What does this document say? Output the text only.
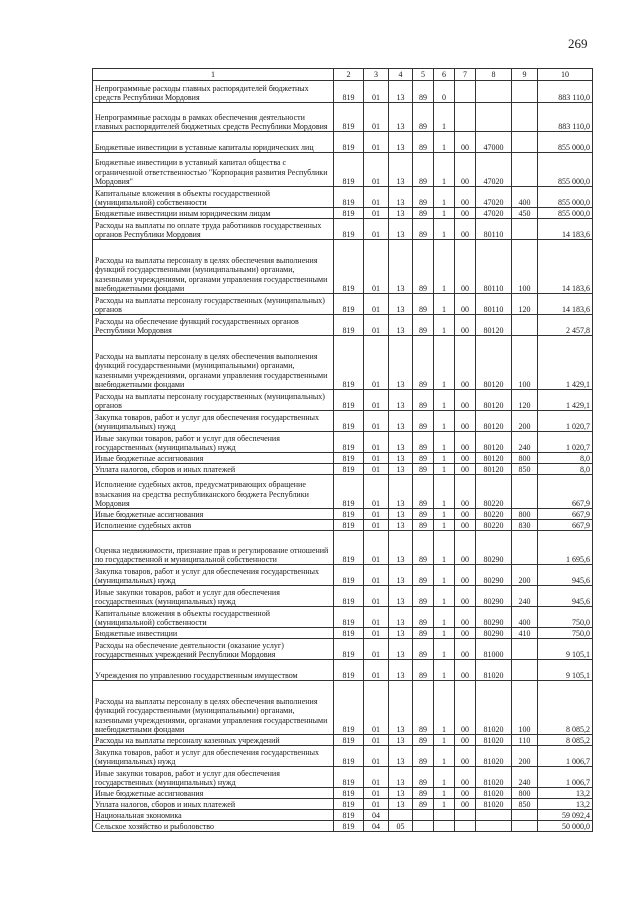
269
1	2	3	4	5	6	7	8	9	10
Непрограммные расходы главных распорядителей бюджетных средств Республики Мордовия	819	01	13	89	0				883 110,0
Непрограммные расходы в рамках обеспечения деятельности главных распорядителей бюджетных средств Республики Мордовия	819	01	13	89	1				883 110,0
Бюджетные инвестиции в уставные капиталы юридических лиц	819	01	13	89	1	00	47000		855 000,0
Бюджетные инвестиции в уставный капитал общества с ограниченной ответственностью "Корпорация развития Республики Мордовия"	819	01	13	89	1	00	47020		855 000,0
Капитальные вложения в объекты государственной (муниципальной) собственности	819	01	13	89	1	00	47020	400	855 000,0
Бюджетные инвестиции иным юридическим лицам	819	01	13	89	1	00	47020	450	855 000,0
Расходы на выплаты по оплате труда работников государственных органов Республики Мордовия	819	01	13	89	1	00	80110		14 183,6
Расходы на выплаты персоналу в целях обеспечения выполнения функций государственными (муниципальными) органами, казенными учреждениями, органами управления государственными внебюджетными фондами	819	01	13	89	1	00	80110	100	14 183,6
Расходы на выплаты персоналу государственных (муниципальных) органов	819	01	13	89	1	00	80110	120	14 183,6
Расходы на обеспечение функций государственных органов Республики Мордовия	819	01	13	89	1	00	80120		2 457,8
Расходы на выплаты персоналу в целях обеспечения выполнения функций государственными (муниципальными) органами, казенными учреждениями, органами управления государственными внебюджетными фондами	819	01	13	89	1	00	80120	100	1 429,1
Расходы на выплаты персоналу государственных (муниципальных) органов	819	01	13	89	1	00	80120	120	1 429,1
Закупка товаров, работ и услуг для обеспечения государственных (муниципальных) нужд	819	01	13	89	1	00	80120	200	1 020,7
Иные закупки товаров, работ и услуг для обеспечения государственных (муниципальных) нужд	819	01	13	89	1	00	80120	240	1 020,7
Иные бюджетные ассигнования	819	01	13	89	1	00	80120	800	8,0
Уплата налогов, сборов и иных платежей	819	01	13	89	1	00	80120	850	8,0
Исполнение судебных актов, предусматривающих обращение взыскания на средства республиканского бюджета Республики Мордовия	819	01	13	89	1	00	80220		667,9
Иные бюджетные ассигнования	819	01	13	89	1	00	80220	800	667,9
Исполнение судебных актов	819	01	13	89	1	00	80220	830	667,9
Оценка недвижимости, признание прав и регулирование отношений по государственной и муниципальной собственности	819	01	13	89	1	00	80290		1 695,6
Закупка товаров, работ и услуг для обеспечения государственных (муниципальных) нужд	819	01	13	89	1	00	80290	200	945,6
Иные закупки товаров, работ и услуг для обеспечения государственных (муниципальных) нужд	819	01	13	89	1	00	80290	240	945,6
Капитальные вложения в объекты государственной (муниципальной) собственности	819	01	13	89	1	00	80290	400	750,0
Бюджетные инвестиции	819	01	13	89	1	00	80290	410	750,0
Расходы на обеспечение деятельности (оказание услуг) государственных учреждений Республики Мордовия	819	01	13	89	1	00	81000		9 105,1
Учреждения по управлению государственным имуществом	819	01	13	89	1	00	81020		9 105,1
Расходы на выплаты персоналу в целях обеспечения выполнения функций государственными (муниципальными) органами, казенными учреждениями, органами управления государственными внебюджетными фондами	819	01	13	89	1	00	81020	100	8 085,2
Расходы на выплаты персоналу казенных учреждений	819	01	13	89	1	00	81020	110	8 085,2
Закупка товаров, работ и услуг для обеспечения государственных (муниципальных) нужд	819	01	13	89	1	00	81020	200	1 006,7
Иные закупки товаров, работ и услуг для обеспечения государственных (муниципальных) нужд	819	01	13	89	1	00	81020	240	1 006,7
Иные бюджетные ассигнования	819	01	13	89	1	00	81020	800	13,2
Уплата налогов, сборов и иных платежей	819	01	13	89	1	00	81020	850	13,2
Национальная экономика	819	04							59 092,4
Сельское хозяйство и рыболовство	819	04	05						50 000,0
